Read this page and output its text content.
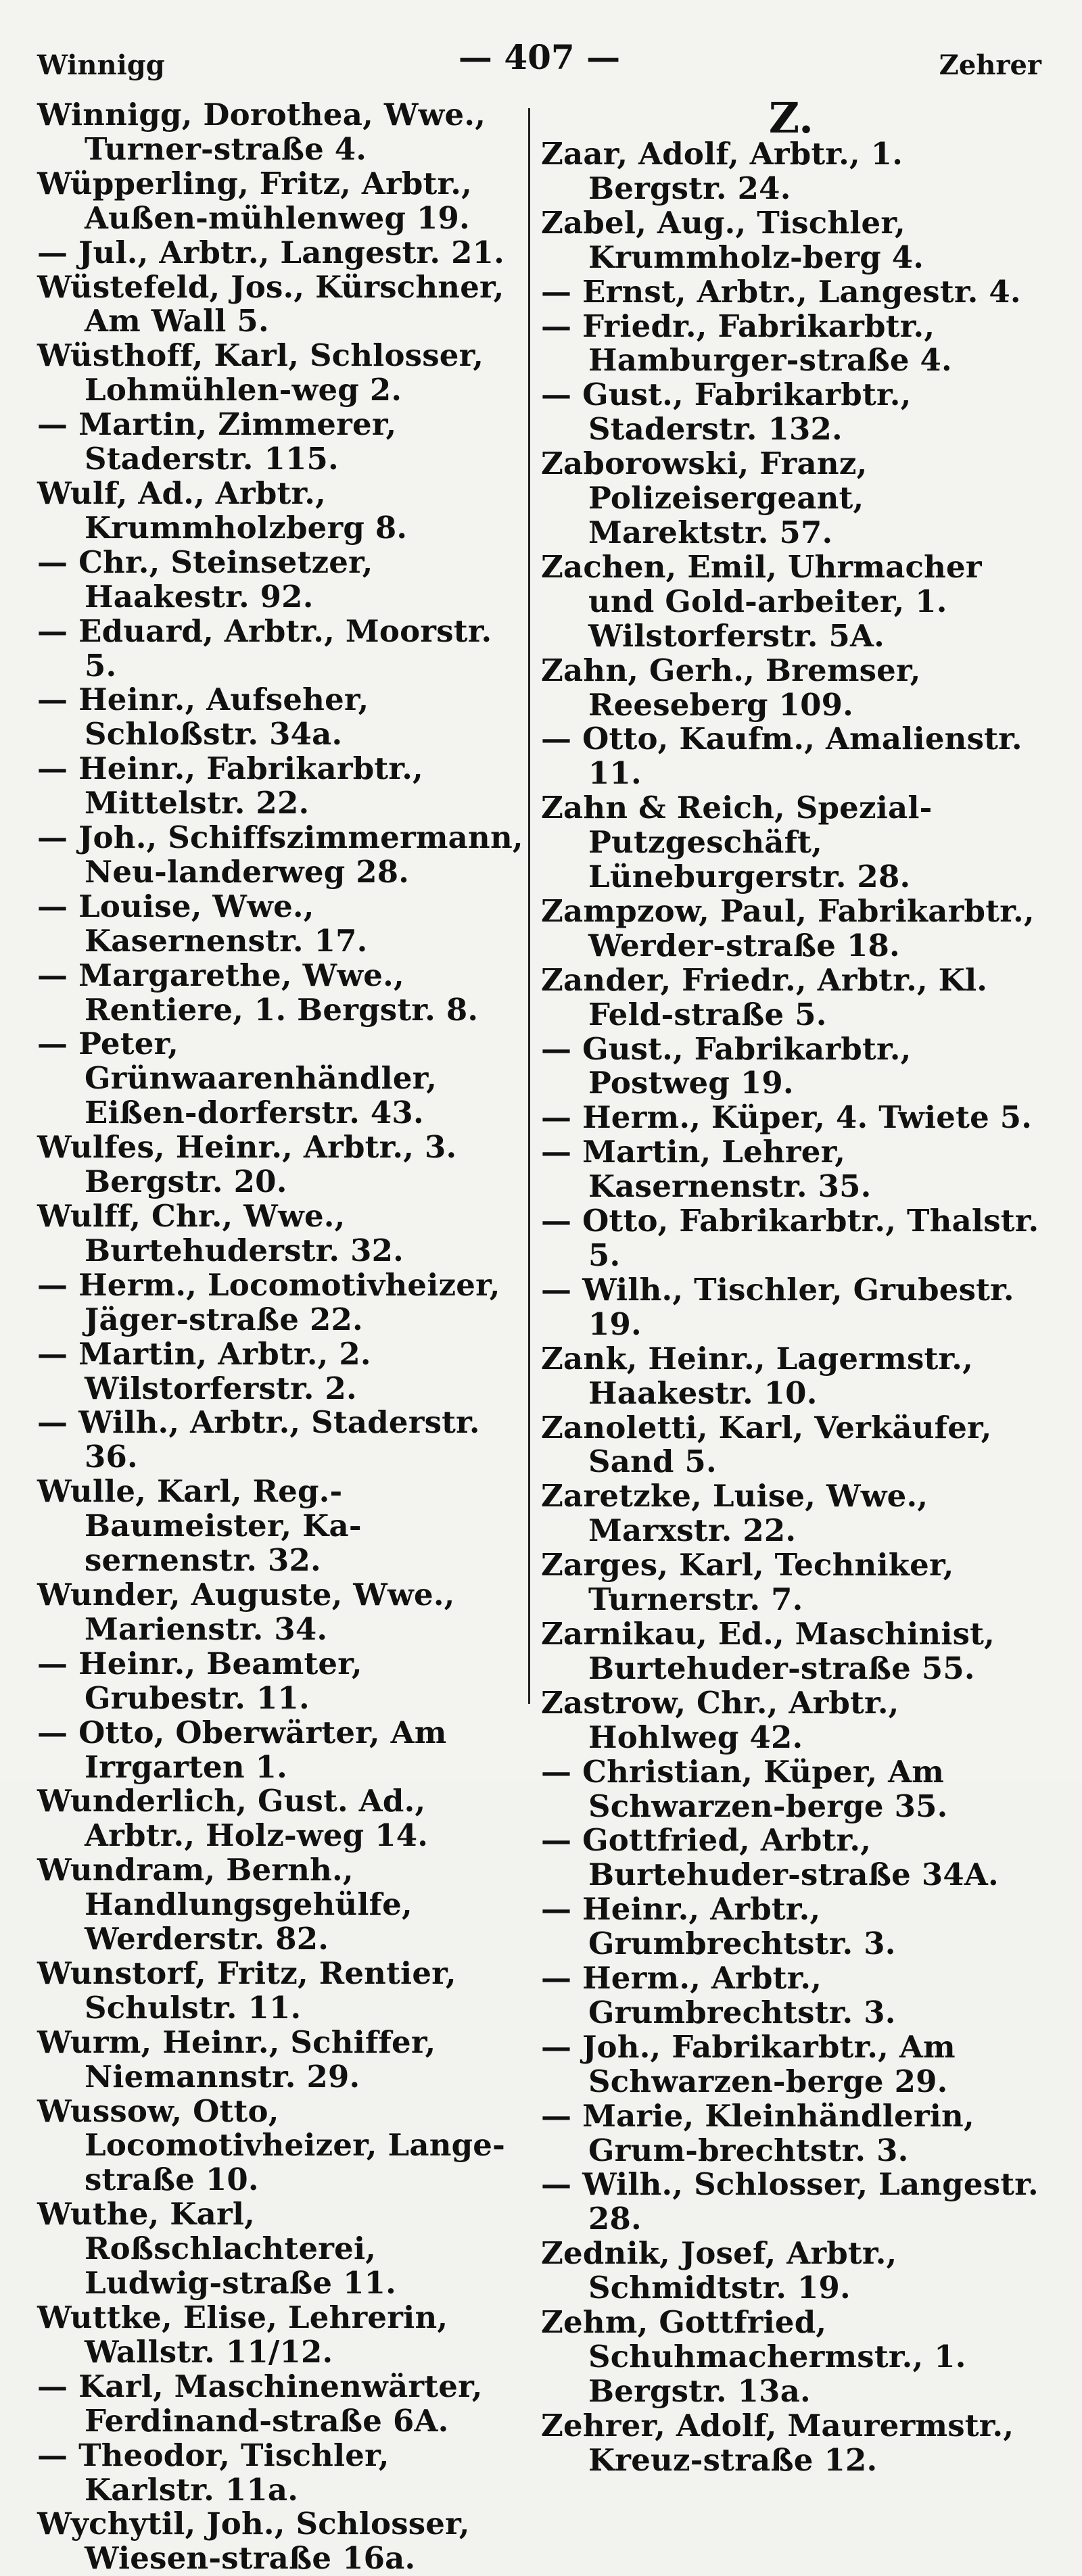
Winnigg	— 407 —	Zehrer
Winnigg, Dorothea, Wwe., Turner-straße 4.
Wüpperling, Fritz, Arbtr., Außen-mühlenweg 19.
— Jul., Arbtr., Langestr. 21.
Wüstefeld, Jos., Kürschner, Am Wall 5.
Wüsthoff, Karl, Schlosser, Lohmühlen-weg 2.
— Martin, Zimmerer, Staderstr. 115.
Wulf, Ad., Arbtr., Krummholzberg 8.
— Chr., Steinsetzer, Haakestr. 92.
— Eduard, Arbtr., Moorstr. 5.
— Heinr., Aufseher, Schloßstr. 34a.
— Heinr., Fabrikarbtr., Mittelstr. 22.
— Joh., Schiffszimmermann, Neu-landerweg 28.
— Louise, Wwe., Kasernenstr. 17.
— Margarethe, Wwe., Rentiere, 1. Bergstr. 8.
— Peter, Grünwaarenhändler, Eißen-dorferstr. 43.
Wulfes, Heinr., Arbtr., 3. Bergstr. 20.
Wulff, Chr., Wwe., Burtehuderstr. 32.
— Herm., Locomotivheizer, Jäger-straße 22.
— Martin, Arbtr., 2. Wilstorferstr. 2.
— Wilh., Arbtr., Staderstr. 36.
Wulle, Karl, Reg.-Baumeister, Ka-sernenstr. 32.
Wunder, Auguste, Wwe., Marienstr. 34.
— Heinr., Beamter, Grubestr. 11.
— Otto, Oberwärter, Am Irrgarten 1.
Wunderlich, Gust. Ad., Arbtr., Holz-weg 14.
Wundram, Bernh., Handlungsgehülfe, Werderstr. 82.
Wunstorf, Fritz, Rentier, Schulstr. 11.
Wurm, Heinr., Schiffer, Niemannstr. 29.
Wussow, Otto, Locomotivheizer, Lange-straße 10.
Wuthe, Karl, Roßschlachterei, Ludwig-straße 11.
Wuttke, Elise, Lehrerin, Wallstr. 11/12.
— Karl, Maschinenwärter, Ferdinand-straße 6A.
— Theodor, Tischler, Karlstr. 11a.
Wychytil, Joh., Schlosser, Wiesen-straße 16a.
Z.
Zaar, Adolf, Arbtr., 1. Bergstr. 24.
Zabel, Aug., Tischler, Krummholz-berg 4.
— Ernst, Arbtr., Langestr. 4.
— Friedr., Fabrikarbtr., Hamburger-straße 4.
— Gust., Fabrikarbtr., Staderstr. 132.
Zaborowski, Franz, Polizeisergeant, Marektstr. 57.
Zachen, Emil, Uhrmacher und Gold-arbeiter, 1. Wilstorferstr. 5A.
Zahn, Gerh., Bremser, Reeseberg 109.
— Otto, Kaufm., Amalienstr. 11.
Zahn & Reich, Spezial-Putzgeschäft, Lüneburgerstr. 28.
Zampzow, Paul, Fabrikarbtr., Werder-straße 18.
Zander, Friedr., Arbtr., Kl. Feld-straße 5.
— Gust., Fabrikarbtr., Postweg 19.
— Herm., Küper, 4. Twiete 5.
— Martin, Lehrer, Kasernenstr. 35.
— Otto, Fabrikarbtr., Thalstr. 5.
— Wilh., Tischler, Grubestr. 19.
Zank, Heinr., Lagermstr., Haakestr. 10.
Zanoletti, Karl, Verkäufer, Sand 5.
Zaretzke, Luise, Wwe., Marxstr. 22.
Zarges, Karl, Techniker, Turnerstr. 7.
Zarnikau, Ed., Maschinist, Burtehuder-straße 55.
Zastrow, Chr., Arbtr., Hohlweg 42.
— Christian, Küper, Am Schwarzen-berge 35.
— Gottfried, Arbtr., Burtehuder-straße 34A.
— Heinr., Arbtr., Grumbrechtstr. 3.
— Herm., Arbtr., Grumbrechtstr. 3.
— Joh., Fabrikarbtr., Am Schwarzen-berge 29.
— Marie, Kleinhändlerin, Grum-brechtstr. 3.
— Wilh., Schlosser, Langestr. 28.
Zednik, Josef, Arbtr., Schmidtstr. 19.
Zehm, Gottfried, Schuhmachermstr., 1. Bergstr. 13a.
Zehrer, Adolf, Maurermstr., Kreuz-straße 12.
